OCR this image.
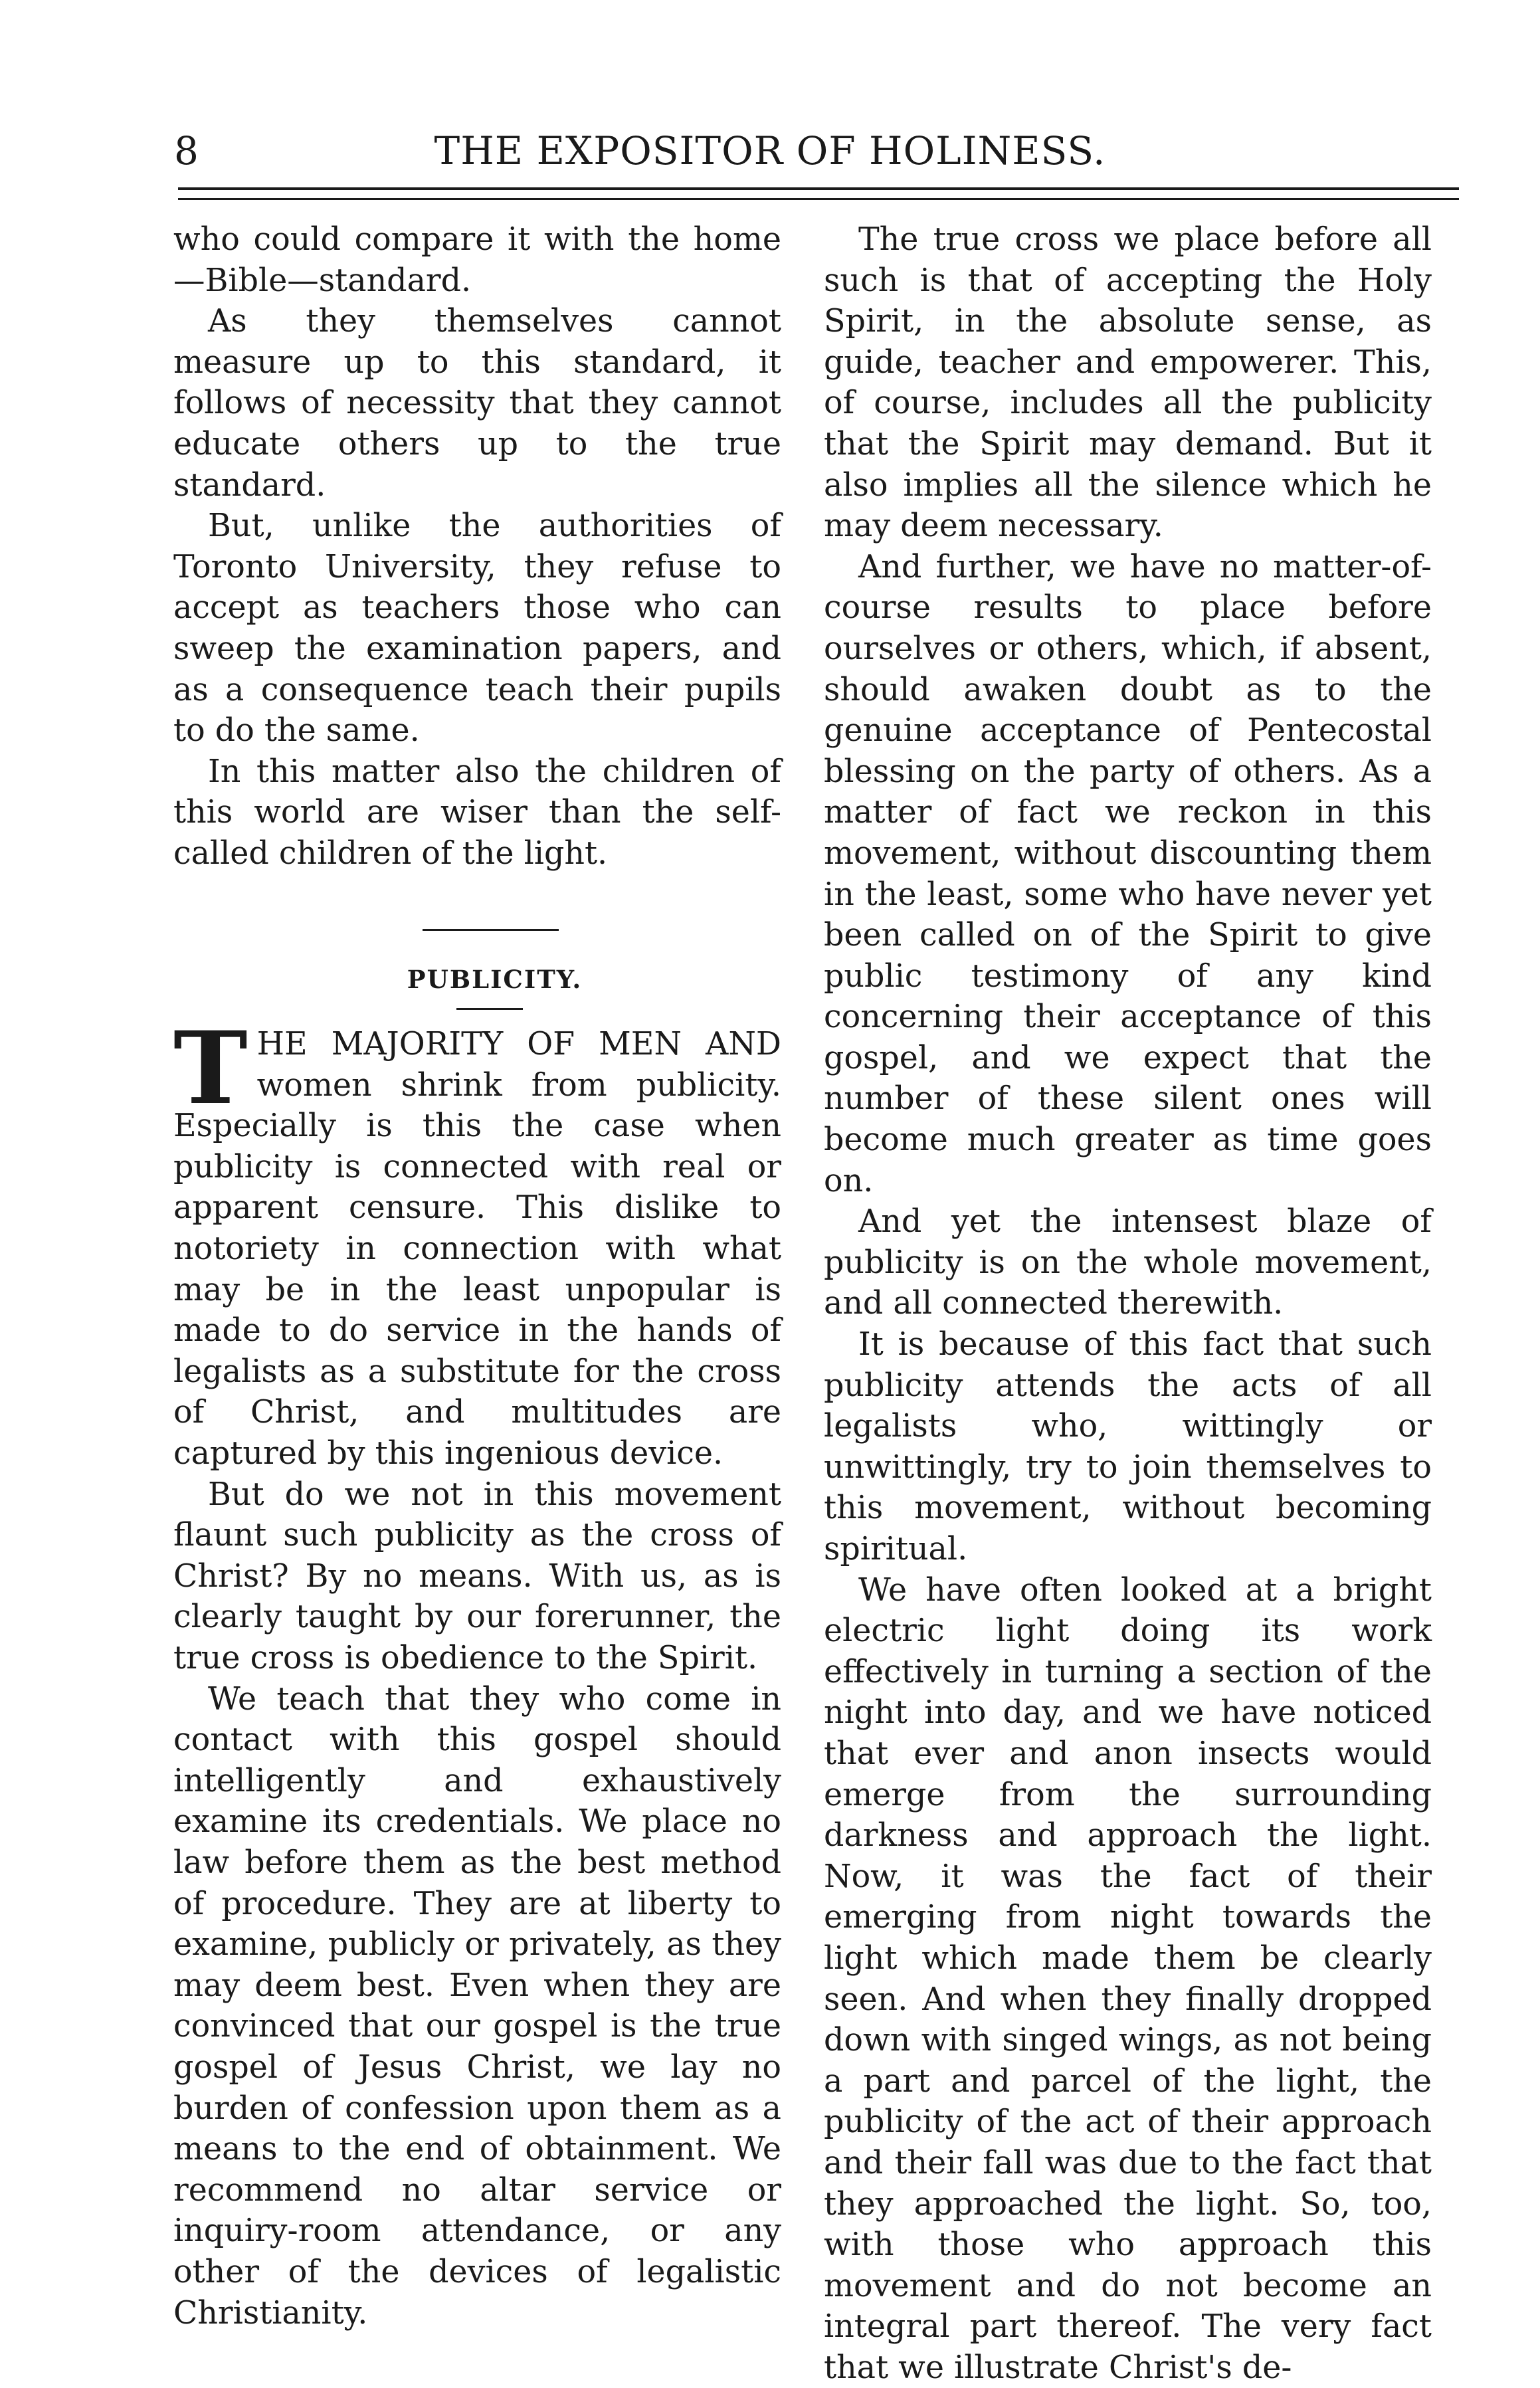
8	THE EXPOSITOR OF HOLINESS.

who could compare it with the home—Bible—standard.

As they themselves cannot measure up to this standard, it follows of necessity that they cannot educate others up to the true standard.

But, unlike the authorities of Toronto University, they refuse to accept as teachers those who can sweep the examination papers, and as a consequence teach their pupils to do the same.

In this matter also the children of this world are wiser than the self-called children of the light.

PUBLICITY.

THE majority of men and women shrink from publicity. Especially is this the case when publicity is connected with real or apparent censure. This dislike to notoriety in connection with what may be in the least unpopular is made to do service in the hands of legalists as a substitute for the cross of Christ, and multitudes are captured by this ingenious device.

But do we not in this movement flaunt such publicity as the cross of Christ? By no means. With us, as is clearly taught by our forerunner, the true cross is obedience to the Spirit.

We teach that they who come in contact with this gospel should intelligently and exhaustively examine its credentials. We place no law before them as the best method of procedure. They are at liberty to examine, publicly or privately, as they may deem best. Even when they are convinced that our gospel is the true gospel of Jesus Christ, we lay no burden of confession upon them as a means to the end of obtainment. We recommend no altar service or inquiry-room attendance, or any other of the devices of legalistic Christianity.

The true cross we place before all such is that of accepting the Holy Spirit, in the absolute sense, as guide, teacher and empowerer. This, of course, includes all the publicity that the Spirit may demand. But it also implies all the silence which he may deem necessary.

And further, we have no matter-of-course results to place before ourselves or others, which, if absent, should awaken doubt as to the genuine acceptance of Pentecostal blessing on the party of others. As a matter of fact we reckon in this movement, without discounting them in the least, some who have never yet been called on of the Spirit to give public testimony of any kind concerning their acceptance of this gospel, and we expect that the number of these silent ones will become much greater as time goes on.

And yet the intensest blaze of publicity is on the whole movement, and all connected therewith.

It is because of this fact that such publicity attends the acts of all legalists who, wittingly or unwittingly, try to join themselves to this movement, without becoming spiritual.

We have often looked at a bright electric light doing its work effectively in turning a section of the night into day, and we have noticed that ever and anon insects would emerge from the surrounding darkness and approach the light. Now, it was the fact of their emerging from night towards the light which made them be clearly seen. And when they finally dropped down with singed wings, as not being a part and parcel of the light, the publicity of the act of their approach and their fall was due to the fact that they approached the light. So, too, with those who approach this movement and do not become an integral part thereof. The very fact that we illustrate Christ's de-
